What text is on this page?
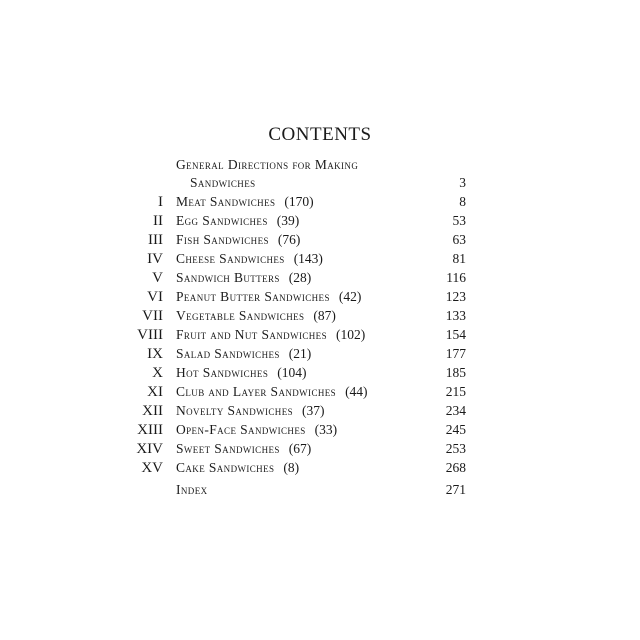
CONTENTS
General Directions for Making
Sandwiches	3
I Meat Sandwiches (170)	8
II Egg Sandwiches (39)	53
III Fish Sandwiches (76)	63
IV Cheese Sandwiches (143)	81
V Sandwich Butters (28)	116
VI Peanut Butter Sandwiches (42)	123
VII Vegetable Sandwiches (87)	133
VIII Fruit and Nut Sandwiches (102)	154
IX Salad Sandwiches (21)	177
X Hot Sandwiches (104)	185
XI Club and Layer Sandwiches (44)	215
XII Novelty Sandwiches (37)	234
XIII Open-Face Sandwiches (33)	245
XIV Sweet Sandwiches (67)	253
XV Cake Sandwiches (8)	268
Index	271
